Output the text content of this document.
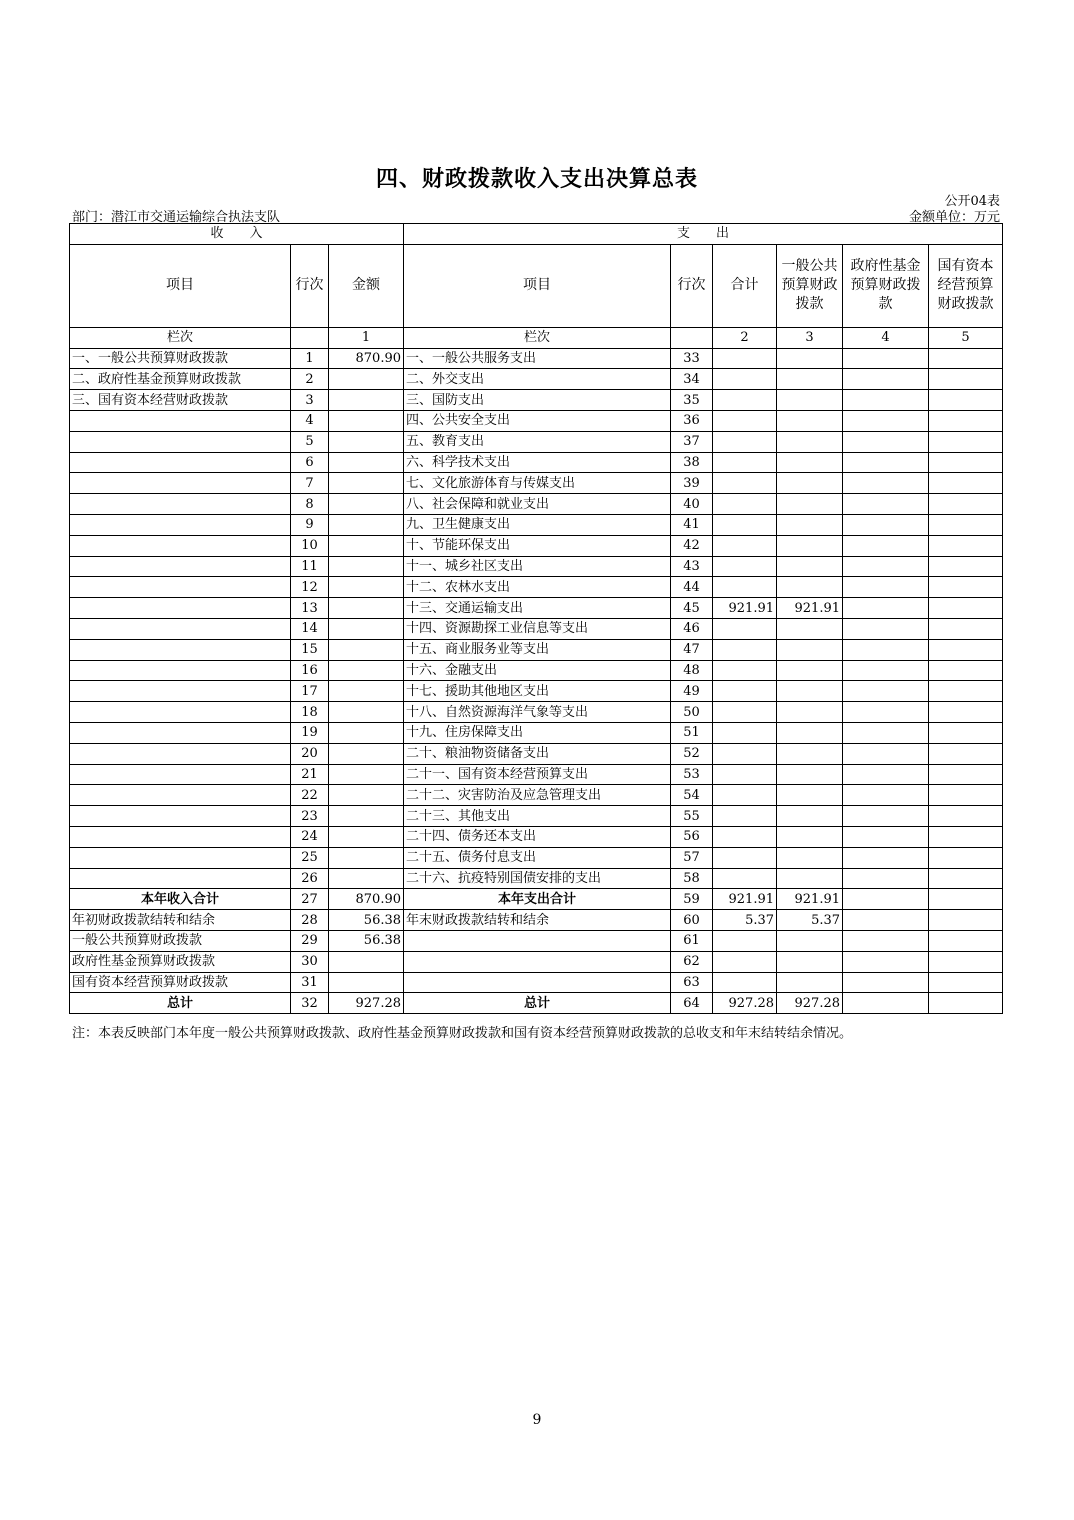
四、财政拨款收入支出决算总表
公开04表
部门：潜江市交通运输综合执法支队	金额单位：万元
收　　入			支　　出					
项目	行次	金额	项目	行次	合计	一般公共预算财政拨款	政府性基金预算财政拨款	国有资本经营预算财政拨款
栏次		1	栏次		2	3	4	5
一、一般公共预算财政拨款	1	870.90	一、一般公共服务支出	33				
二、政府性基金预算财政拨款	2		二、外交支出	34				
三、国有资本经营财政拨款	3		三、国防支出	35				
	4		四、公共安全支出	36				
	5		五、教育支出	37				
	6		六、科学技术支出	38				
	7		七、文化旅游体育与传媒支出	39				
	8		八、社会保障和就业支出	40				
	9		九、卫生健康支出	41				
	10		十、节能环保支出	42				
	11		十一、城乡社区支出	43				
	12		十二、农林水支出	44				
	13		十三、交通运输支出	45	921.91	921.91		
	14		十四、资源勘探工业信息等支出	46				
	15		十五、商业服务业等支出	47				
	16		十六、金融支出	48				
	17		十七、援助其他地区支出	49				
	18		十八、自然资源海洋气象等支出	50				
	19		十九、住房保障支出	51				
	20		二十、粮油物资储备支出	52				
	21		二十一、国有资本经营预算支出	53				
	22		二十二、灾害防治及应急管理支出	54				
	23		二十三、其他支出	55				
	24		二十四、债务还本支出	56				
	25		二十五、债务付息支出	57				
	26		二十六、抗疫特别国债安排的支出	58				
本年收入合计	27	870.90	本年支出合计	59	921.91	921.91		
年初财政拨款结转和结余	28	56.38	年末财政拨款结转和结余	60	5.37	5.37		
一般公共预算财政拨款	29	56.38		61				
政府性基金预算财政拨款	30			62				
国有资本经营预算财政拨款	31			63				
总计	32	927.28	总计	64	927.28	927.28		
注：本表反映部门本年度一般公共预算财政拨款、政府性基金预算财政拨款和国有资本经营预算财政拨款的总收支和年末结转结余情况。
9
